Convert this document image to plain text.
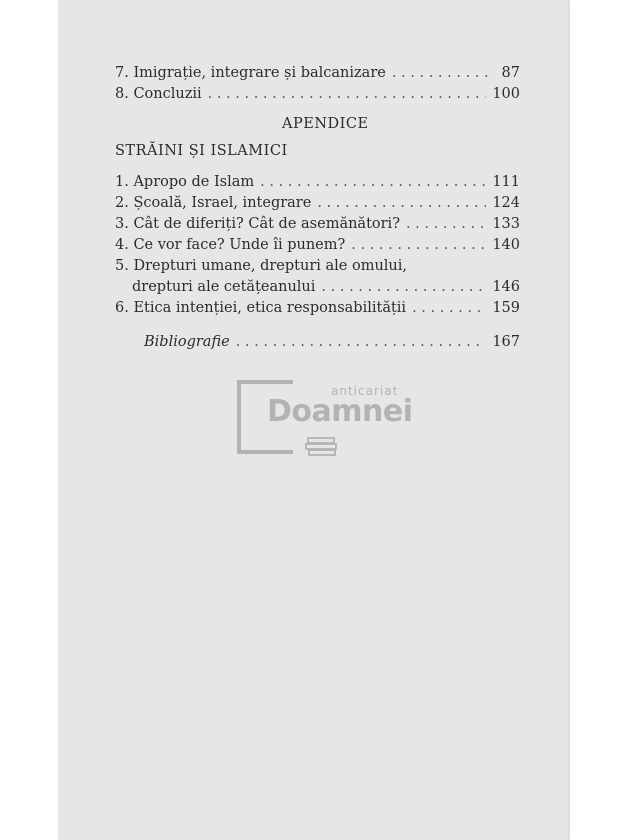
7. Imigrație, integrare și balcanizare . . .	87
8. Concluzii . . .	100
APENDICE
STRĂINI ȘI ISLAMICI
1. Apropo de Islam . . .	111
2. Școală, Israel, integrare . . .	124
3. Cât de diferiți? Cât de asemănători? . . .	133
4. Ce vor face? Unde îi punem? . . .	140
5. Drepturi umane, drepturi ale omului,
drepturi ale cetățeanului . . .	146
6. Etica intenției, etica responsabilității . . .	159
Bibliografie . . .	167
anticariat
Doamnei
